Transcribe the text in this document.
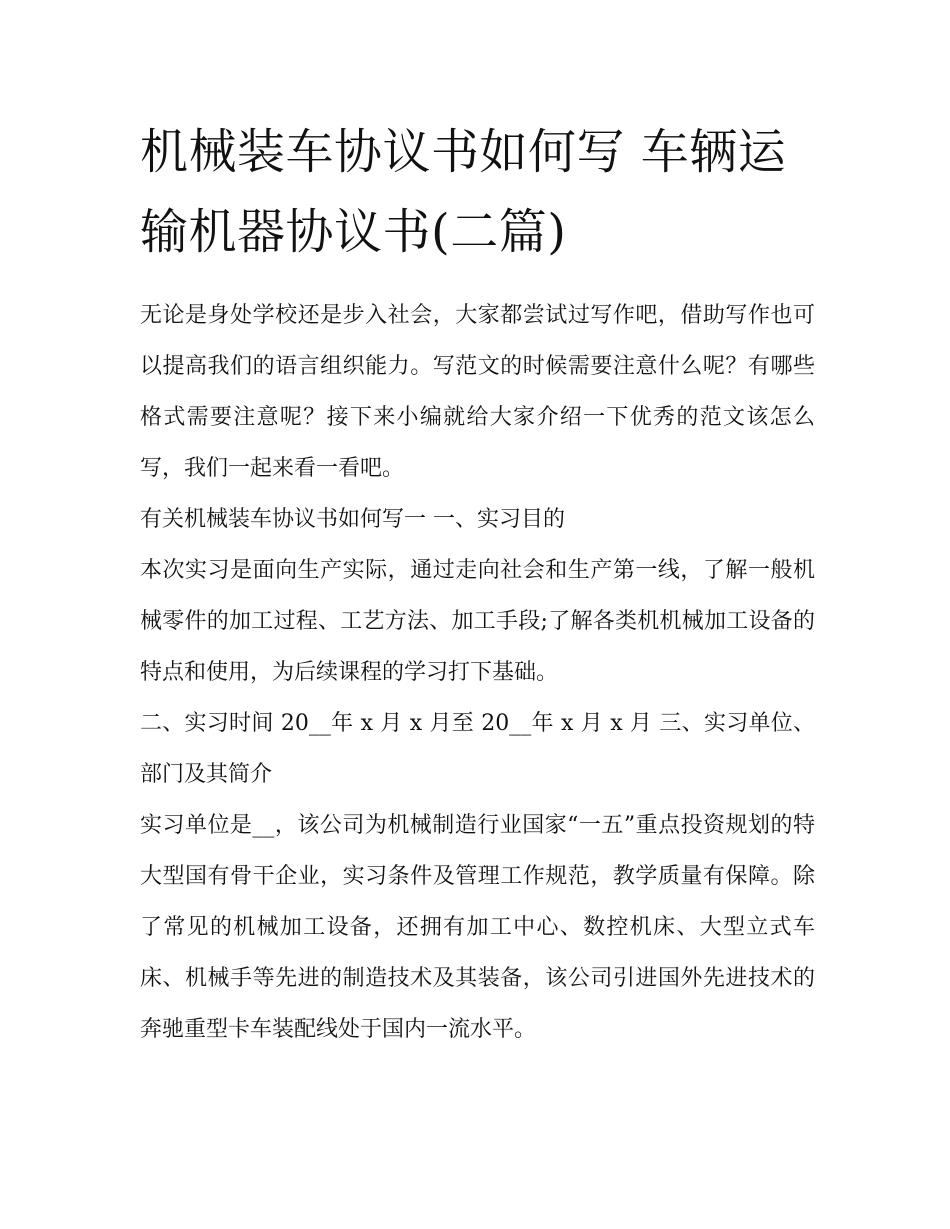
机械装车协议书如何写 车辆运输机器协议书(二篇)

无论是身处学校还是步入社会，大家都尝试过写作吧，借助写作也可以提高我们的语言组织能力。写范文的时候需要注意什么呢？有哪些格式需要注意呢？接下来小编就给大家介绍一下优秀的范文该怎么写，我们一起来看一看吧。

有关机械装车协议书如何写一 一、实习目的

本次实习是面向生产实际，通过走向社会和生产第一线，了解一般机械零件的加工过程、工艺方法、加工手段;了解各类机机械加工设备的特点和使用，为后续课程的学习打下基础。

二、实习时间 20__年 x 月 x 月至 20__年 x 月 x 月 三、实习单位、部门及其简介

实习单位是__，该公司为机械制造行业国家“一五”重点投资规划的特大型国有骨干企业，实习条件及管理工作规范，教学质量有保障。除了常见的机械加工设备，还拥有加工中心、数控机床、大型立式车床、机械手等先进的制造技术及其装备，该公司引进国外先进技术的奔驰重型卡车装配线处于国内一流水平。
